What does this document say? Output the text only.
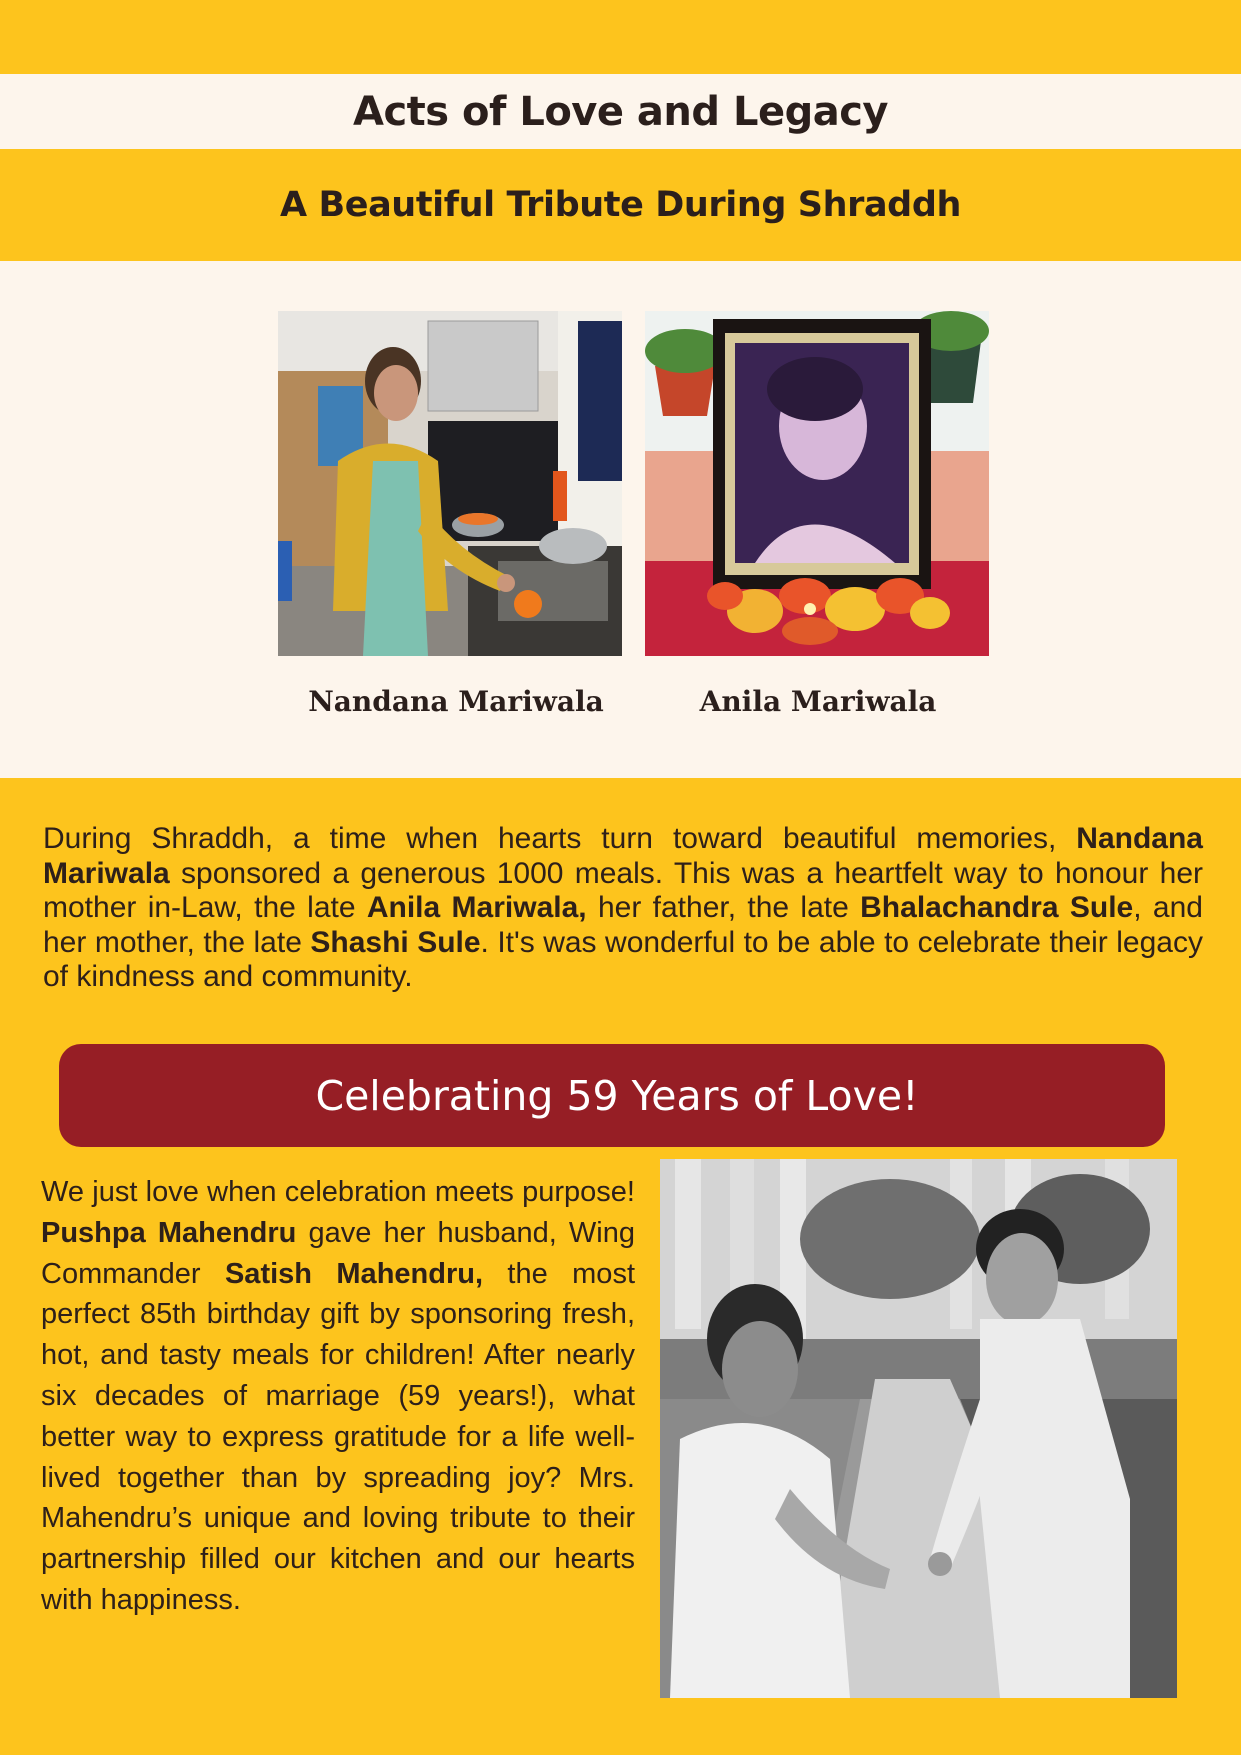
Acts of Love and Legacy
A Beautiful Tribute During Shraddh
Nandana Mariwala	Anila Mariwala

During Shraddh, a time when hearts turn toward beautiful memories, Nandana Mariwala sponsored a generous 1000 meals. This was a heartfelt way to honour her mother in-Law, the late Anila Mariwala, her father, the late Bhalachandra Sule, and her mother, the late Shashi Sule. It's was wonderful to be able to celebrate their legacy of kindness and community.

Celebrating 59 Years of Love!

We just love when celebration meets purpose! Pushpa Mahendru gave her husband, Wing Commander Satish Mahendru, the most perfect 85th birthday gift by sponsoring fresh, hot, and tasty meals for children! After nearly six decades of marriage (59 years!), what better way to express gratitude for a life well-lived together than by spreading joy? Mrs. Mahendru’s unique and loving tribute to their partnership filled our kitchen and our hearts with happiness.
